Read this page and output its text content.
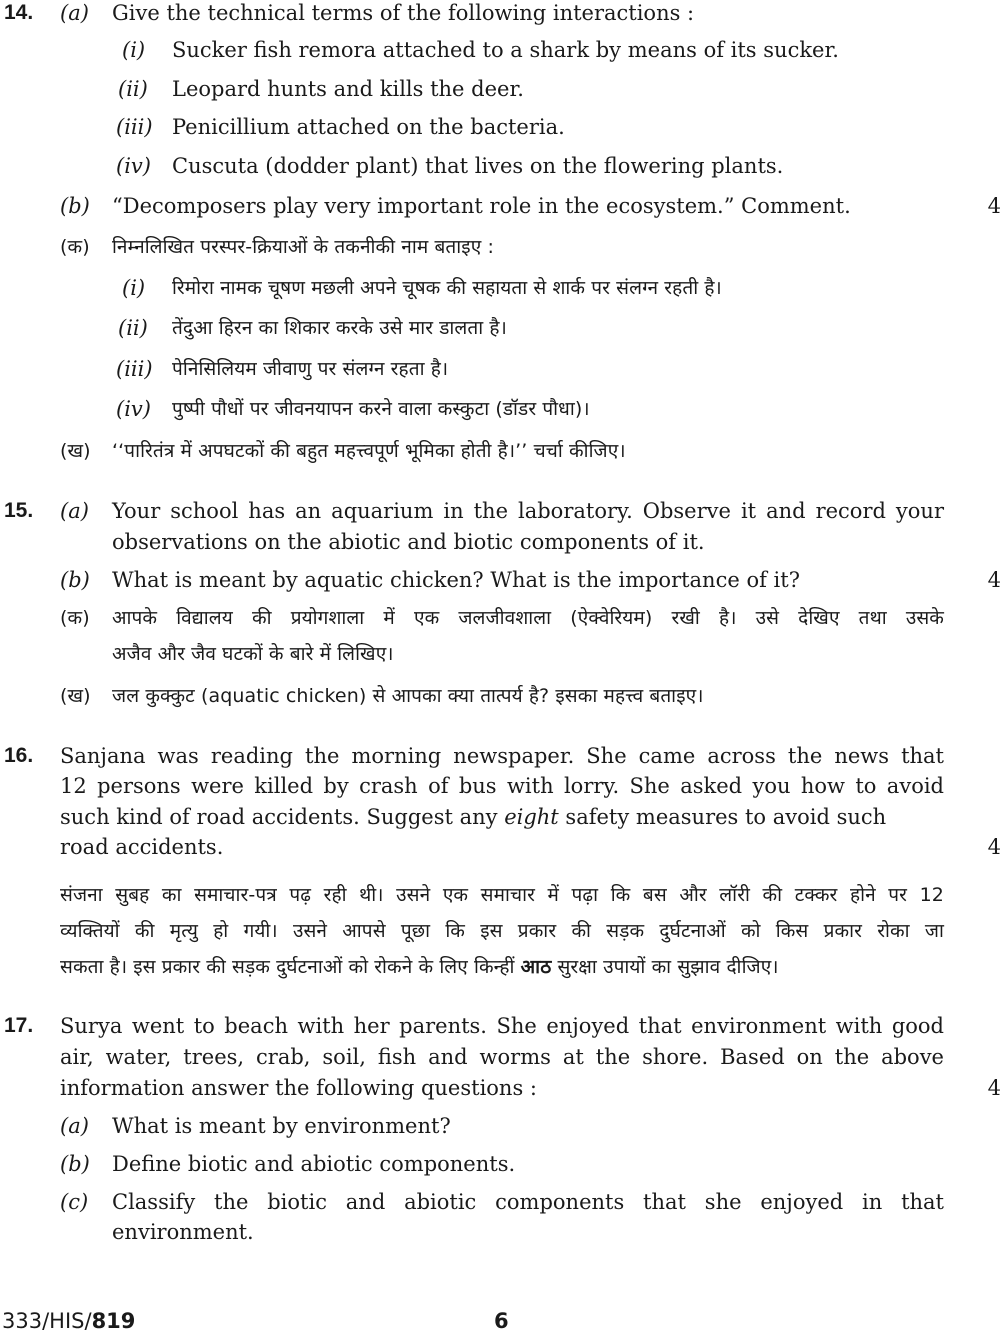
14. (a) Give the technical terms of the following interactions :
(i) Sucker fish remora attached to a shark by means of its sucker.
(ii) Leopard hunts and kills the deer.
(iii) Penicillium attached on the bacteria.
(iv) Cuscuta (dodder plant) that lives on the flowering plants.
(b) “Decomposers play very important role in the ecosystem.” Comment.	4
(क) निम्नलिखित परस्पर-क्रियाओं के तकनीकी नाम बताइए :
(i) रिमोरा नामक चूषण मछली अपने चूषक की सहायता से शार्क पर संलग्न रहती है।
(ii) तेंदुआ हिरन का शिकार करके उसे मार डालता है।
(iii) पेनिसिलियम जीवाणु पर संलग्न रहता है।
(iv) पुष्पी पौधों पर जीवनयापन करने वाला कस्कुटा (डॉडर पौधा)।
(ख) ‘‘पारितंत्र में अपघटकों की बहुत महत्त्वपूर्ण भूमिका होती है।’’ चर्चा कीजिए।
15. (a) Your school has an aquarium in the laboratory. Observe it and record your
observations on the abiotic and biotic components of it.
(b) What is meant by aquatic chicken? What is the importance of it?	4
(क) आपके विद्यालय की प्रयोगशाला में एक जलजीवशाला (ऐक्वेरियम) रखी है। उसे देखिए तथा उसके
अजैव और जैव घटकों के बारे में लिखिए।
(ख) जल कुक्कुट (aquatic chicken) से आपका क्या तात्पर्य है? इसका महत्त्व बताइए।
16. Sanjana was reading the morning newspaper. She came across the news that
12 persons were killed by crash of bus with lorry. She asked you how to avoid
such kind of road accidents. Suggest any eight safety measures to avoid such
road accidents.	4
संजना सुबह का समाचार-पत्र पढ़ रही थी। उसने एक समाचार में पढ़ा कि बस और लॉरी की टक्कर होने पर 12
व्यक्तियों की मृत्यु हो गयी। उसने आपसे पूछा कि इस प्रकार की सड़क दुर्घटनाओं को किस प्रकार रोका जा
सकता है। इस प्रकार की सड़क दुर्घटनाओं को रोकने के लिए किन्हीं आठ सुरक्षा उपायों का सुझाव दीजिए।
17. Surya went to beach with her parents. She enjoyed that environment with good
air, water, trees, crab, soil, fish and worms at the shore. Based on the above
information answer the following questions :	4
(a) What is meant by environment?
(b) Define biotic and abiotic components.
(c) Classify the biotic and abiotic components that she enjoyed in that
environment.
333/HIS/819	6
